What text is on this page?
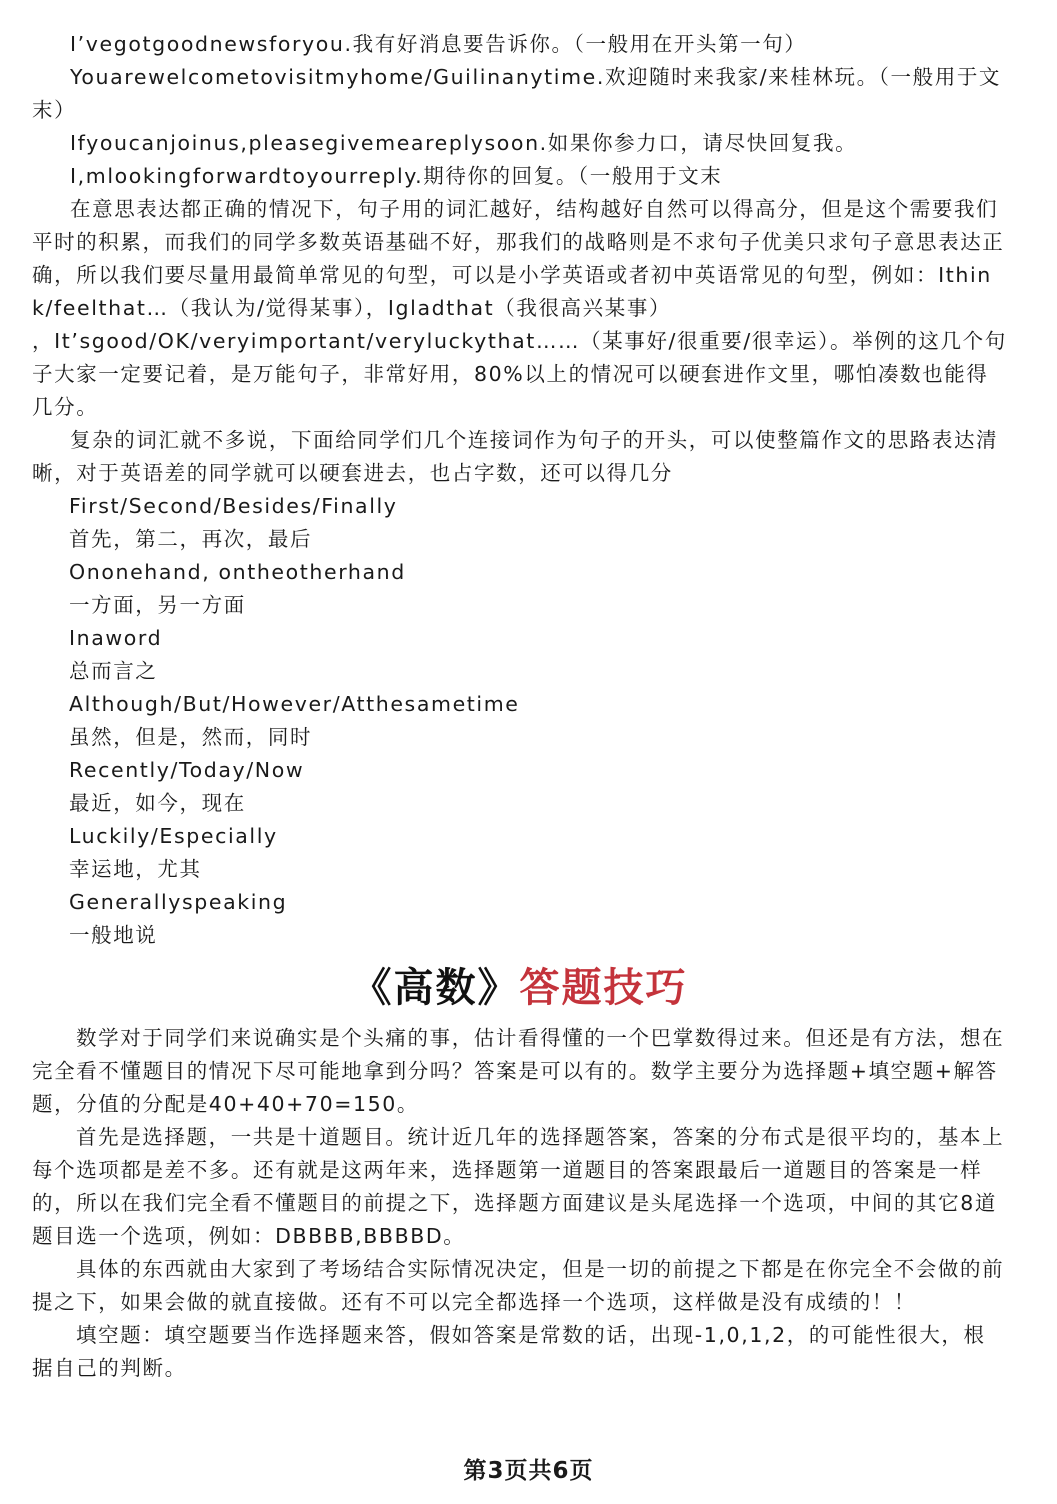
I’vegotgoodnewsforyou.我有好消息要告诉你。（一般用在开头第一句）

Youarewelcometovisitmyhome/Guilinanytime.欢迎随时来我家/来桂林玩。（一般用于文末）

Ifyoucanjoinus,pleasegivemeareplysoon.如果你参力口，请尽快回复我。

I,mlookingforwardtoyourreply.期待你的回复。（一般用于文末

在意思表达都正确的情况下，句子用的词汇越好，结构越好自然可以得高分，但是这个需要我们平时的积累，而我们的同学多数英语基础不好，那我们的战略则是不求句子优美只求句子意思表达正确，所以我们要尽量用最简单常见的句型，可以是小学英语或者初中英语常见的句型，例如：Ithink/feelthat…（我认为/觉得某事），Igladthat（我很高兴某事）

，It’sgood/OK/veryimportant/veryluckythat……（某事好/很重要/很幸运）。举例的这几个句子大家一定要记着，是万能句子，非常好用，80%以上的情况可以硬套进作文里，哪怕凑数也能得几分。

复杂的词汇就不多说，下面给同学们几个连接词作为句子的开头，可以使整篇作文的思路表达清晰，对于英语差的同学就可以硬套进去，也占字数，还可以得几分

First/Second/Besides/Finally

首先，第二，再次，最后

Ononehand, ontheotherhand

一方面，另一方面

Inaword

总而言之

Although/But/However/Atthesametime

虽然，但是，然而，同时

Recently/Today/Now

最近，如今，现在

Luckily/Especially

幸运地，尤其

Generallyspeaking

一般地说

《高数》答题技巧

数学对于同学们来说确实是个头痛的事，估计看得懂的一个巴掌数得过来。但还是有方法，想在完全看不懂题目的情况下尽可能地拿到分吗？答案是可以有的。数学主要分为选择题+填空题+解答题，分值的分配是40+40+70=150。

首先是选择题，一共是十道题目。统计近几年的选择题答案，答案的分布式是很平均的，基本上每个选项都是差不多。还有就是这两年来，选择题第一道题目的答案跟最后一道题目的答案是一样的，所以在我们完全看不懂题目的前提之下，选择题方面建议是头尾选择一个选项，中间的其它8道题目选一个选项，例如：DBBBB,BBBBD。

具体的东西就由大家到了考场结合实际情况决定，但是一切的前提之下都是在你完全不会做的前提之下，如果会做的就直接做。还有不可以完全都选择一个选项，这样做是没有成绩的！！

填空题：填空题要当作选择题来答，假如答案是常数的话，出现-1,0,1,2，的可能性很大，根据自己的判断。

第3页共6页
